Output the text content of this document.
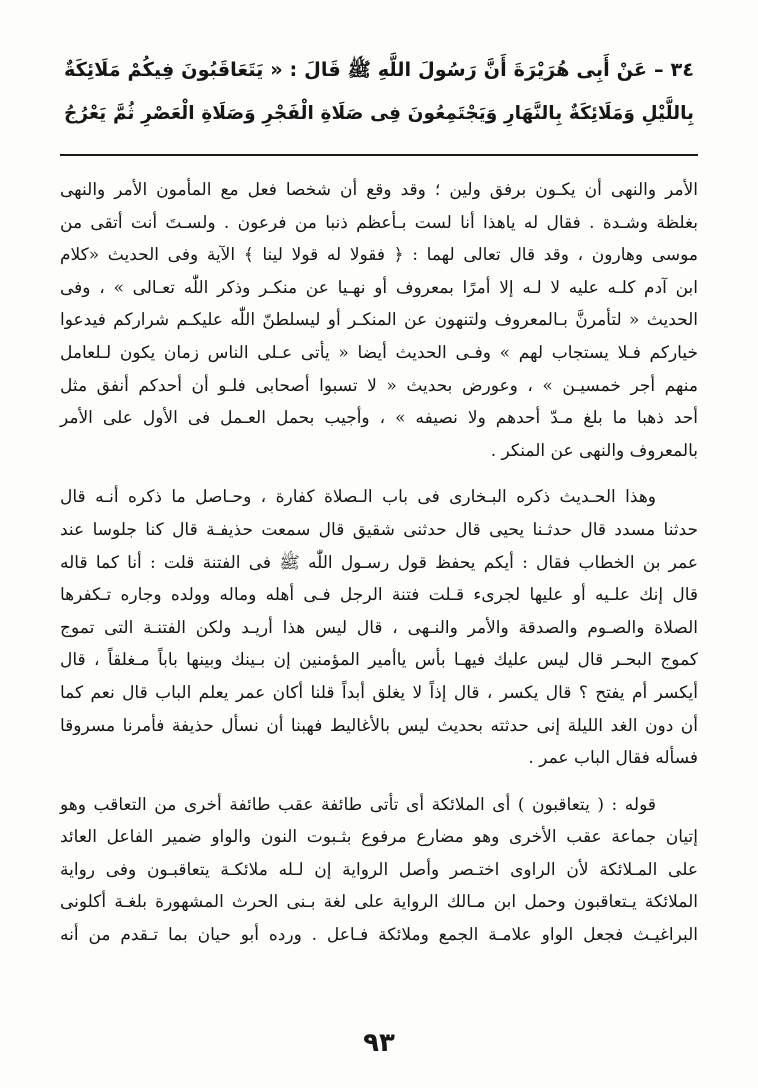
٣٤ – عَنْ أَبِى هُرَيْرَةَ أَنَّ رَسُولَ اللَّهِ ﷺ قَالَ : « يَتَعَاقَبُونَ فِيكُمْ مَلَائِكَةٌ
بِاللَّيْلِ وَمَلَائِكَةٌ بِالنَّهَارِ وَيَجْتَمِعُونَ فِى صَلَاةِ الْفَجْرِ وَصَلَاةِ الْعَصْرِ ثُمَّ يَعْرُجُ
الأمر والنهى أن يكـون برفق ولين ؛ وقد وقع أن شخصا فعل مع المأمون الأمر والنهى
بغلظة وشـدة . فقال له ياهذا أنا لست بـأعظم ذنبا من فرعون . ولسـتَ أنت أتقى من
موسى وهارون ، وقد قال تعالى لهما : ﴿ فقولا له قولا لينا ﴾ الآية وفى الحديث «كلام
ابن آدم كلـه عليه لا لـه إلا أمرًا بمعروف أو نهـيا عن منكـر وذكر اللّٰه تعـالى » ، وفى
الحديث « لتأمرنَّ بـالمعروف ولتنهون عن المنكـر أو ليسلطنّ اللّٰه عليكـم شراركم فيدعوا
خياركم فـلا يستجاب لهم » وفـى الحديث أيضا « يأتى عـلى الناس زمان يكون لـلعامل
منهم أجر خمسيـن » ، وعورض بحديث « لا تسبوا أصحابى فلـو أن أحدكم أنفق مثل
أحد ذهبا ما بلغ مـدّ أحدهم ولا نصيفه » ، وأجيب بحمل العـمل فى الأول على الأمر
بالمعروف والنهى عن المنكر .
وهذا الحـديث ذكره البـخارى فى باب الـصلاة كفارة ، وحـاصل ما ذكره أنـه قال
حدثنا مسدد قال حدثـنا يحيى قال حدثنى شقيق قال سمعت حذيفـة قال كنا جلوسا عند
عمر بن الخطاب فقال : أيكم يحفظ قول رسـول اللّٰه ﷺ فى الفتنة قلت : أنا كما قاله
قال إنك علـيه أو عليها لجرىء قـلت فتنة الرجل فـى أهله وماله وولده وجاره تـكفرها
الصلاة والصـوم والصدقة والأمر والنـهى ، قال ليس هذا أريـد ولكن الفتنـة التى تموج
كموج البحـر قال ليس عليك فيهـا بأس ياأمير المؤمنين إن بـينك وبينها باباً مـغلقاً ، قال
أيكسر أم يفتح ؟ قال يكسر ، قال إذاً لا يغلق أبداً قلنا أكان عمر يعلم الباب قال نعم كما
أن دون الغد الليلة إنى حدثته بحديث ليس بالأغاليط فهبنا أن نسأل حذيفة فأمرنا مسروقا
فسأله فقال الباب عمر .
قوله : ( يتعاقبون ) أى الملائكة أى تأتى طائفة عقب طائفة أخرى من التعاقب وهو
إتيان جماعة عقب الأخرى وهو مضارع مرفوع بثـبوت النون والواو ضمير الفاعل العائد
على المـلائكة لأن الراوى اختـصر وأصل الرواية إن لـله ملائكـة يتعاقبـون وفى رواية
الملائكة يـتعاقبون وحمل ابن مـالك الرواية على لغة بـنى الحرث المشهورة بلغـة أكلونى
البراغيـث فجعل الواو علامـة الجمع وملائكة فـاعل . ورده أبو حيان بما تـقدم من أنه
٩٣
